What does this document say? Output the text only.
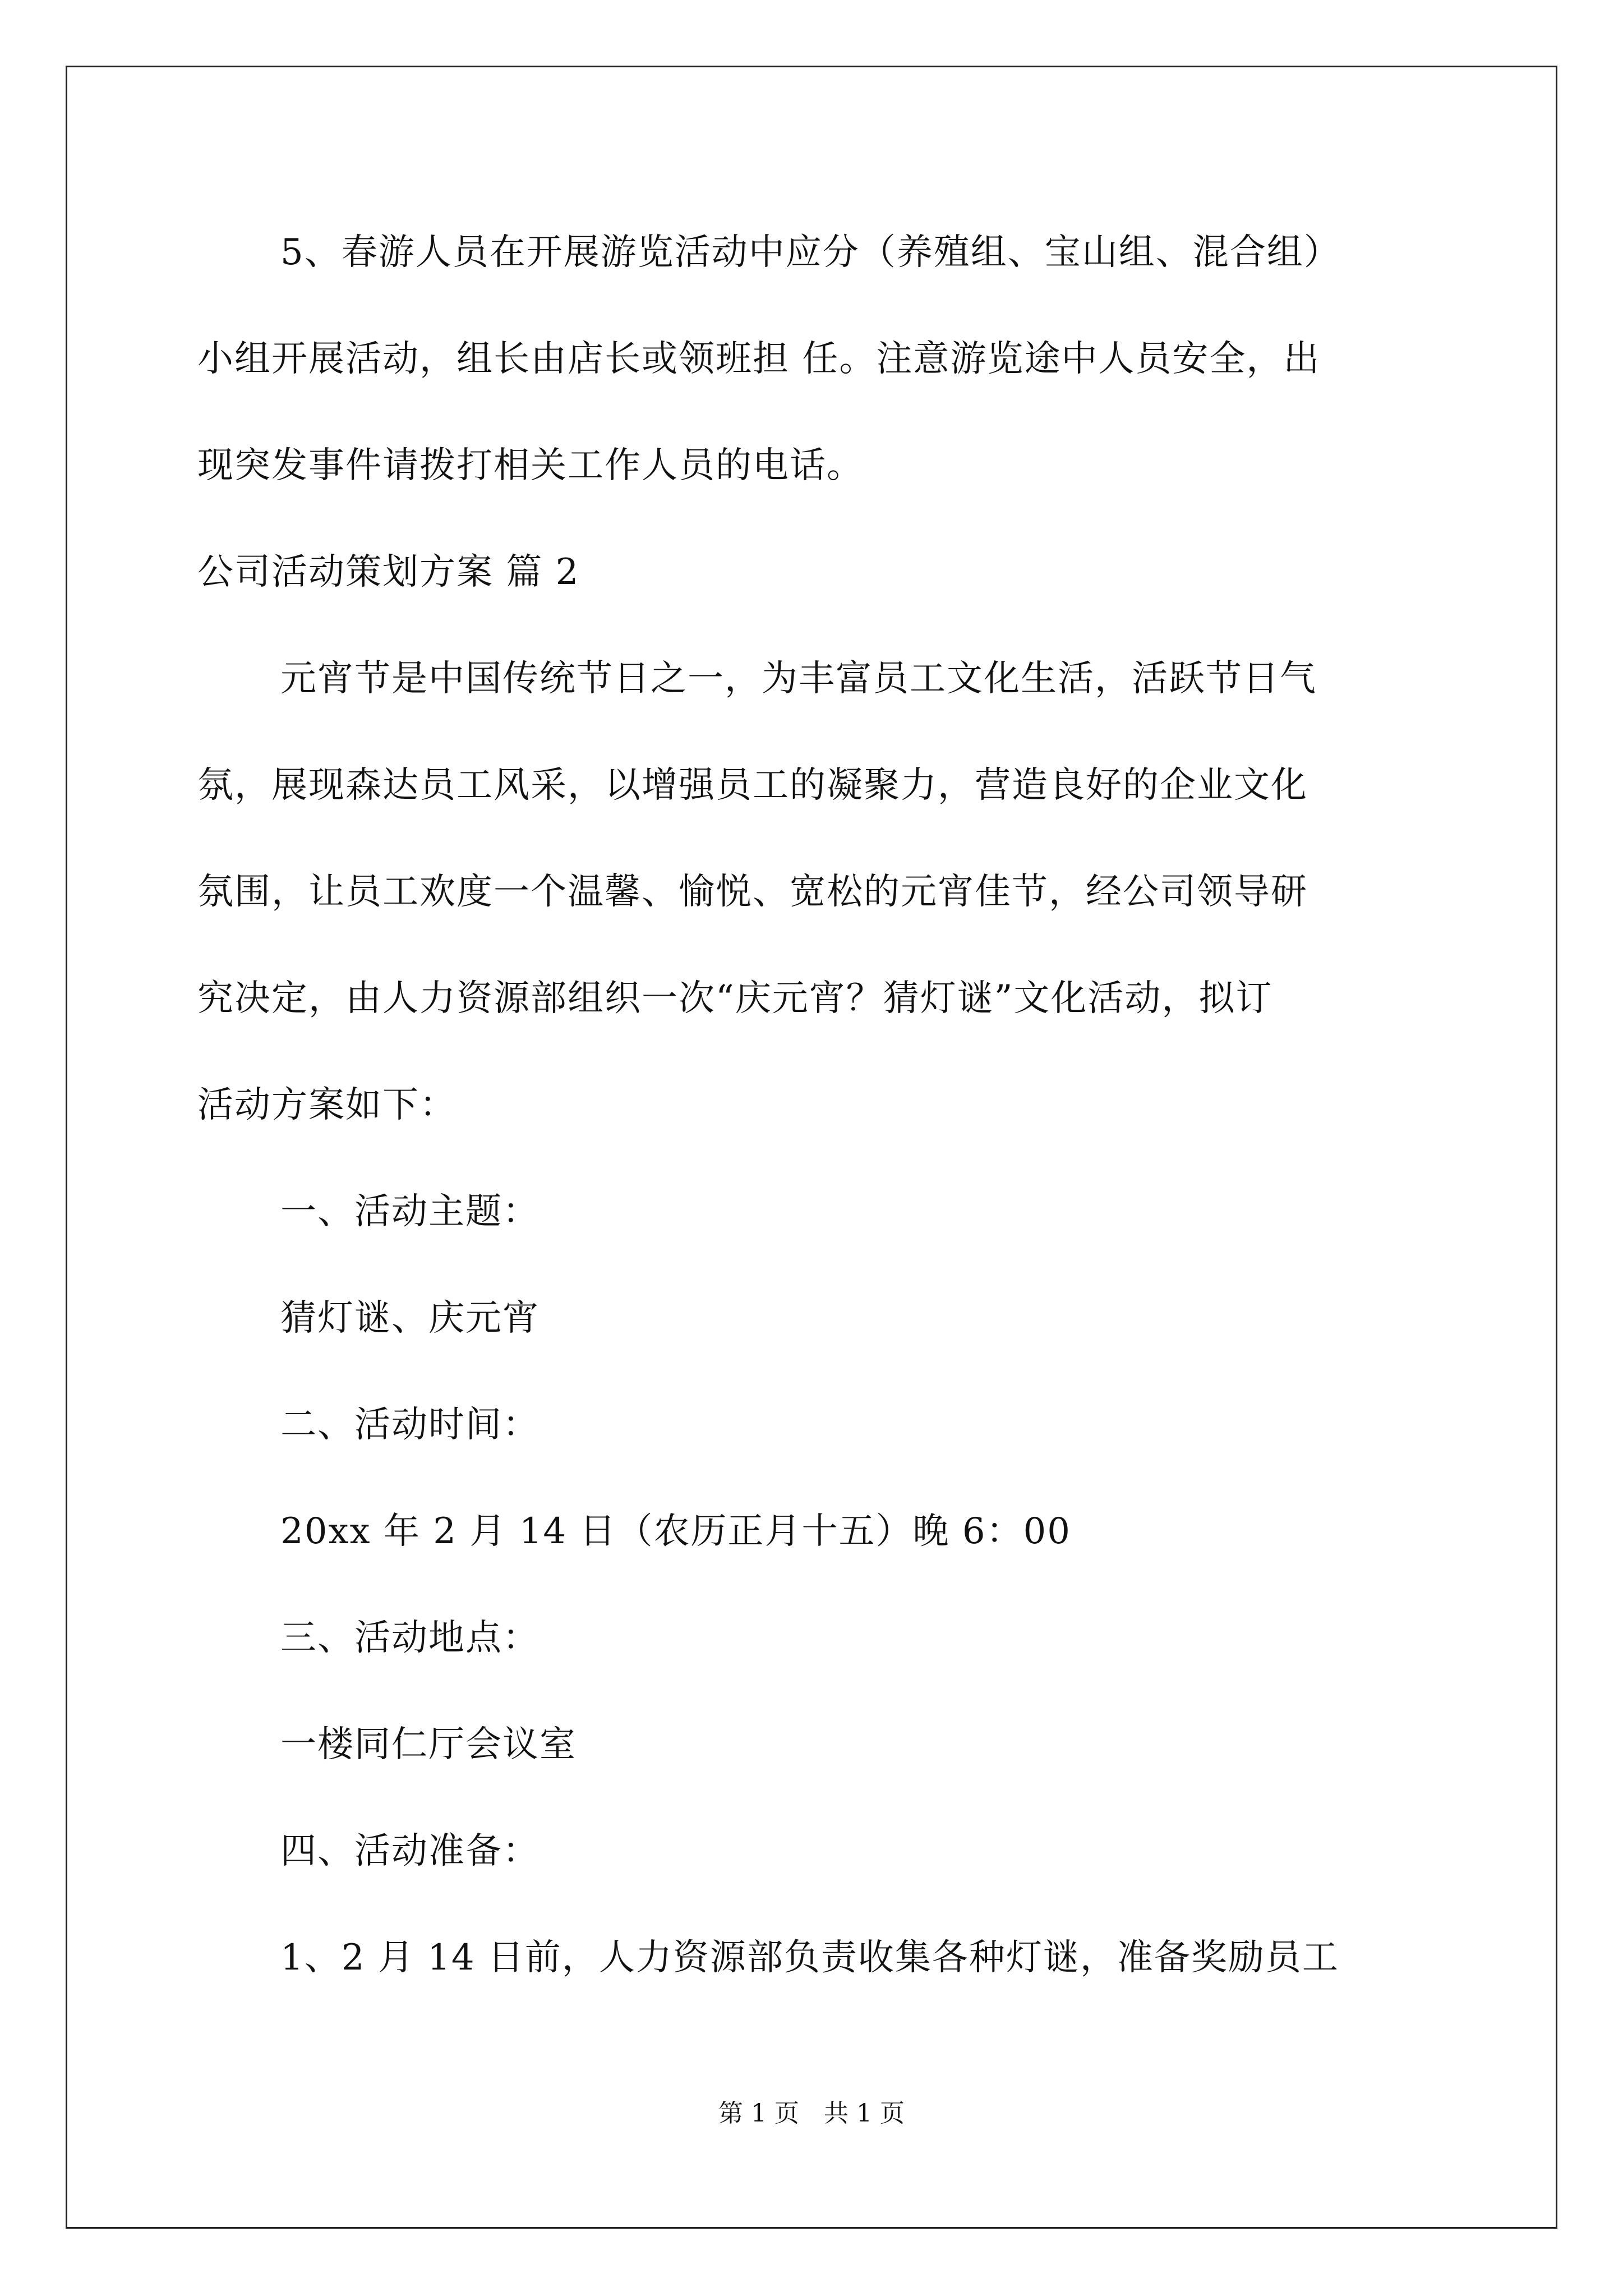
5、春游人员在开展游览活动中应分（养殖组、宝山组、混合组）

小组开展活动，组长由店长或领班担 任。注意游览途中人员安全，出

现突发事件请拨打相关工作人员的电话。

公司活动策划方案 篇 2

元宵节是中国传统节日之一，为丰富员工文化生活，活跃节日气

氛，展现森达员工风采，以增强员工的凝聚力，营造良好的企业文化

氛围，让员工欢度一个温馨、愉悦、宽松的元宵佳节，经公司领导研

究决定，由人力资源部组织一次“庆元宵？猜灯谜”文化活动，拟订

活动方案如下：

一、活动主题：

猜灯谜、庆元宵

二、活动时间：

20xx 年 2 月 14 日（农历正月十五）晚 6：00

三、活动地点：

一楼同仁厅会议室

四、活动准备：

1、2 月 14 日前，人力资源部负责收集各种灯谜，准备奖励员工

第 1 页　共 1 页
